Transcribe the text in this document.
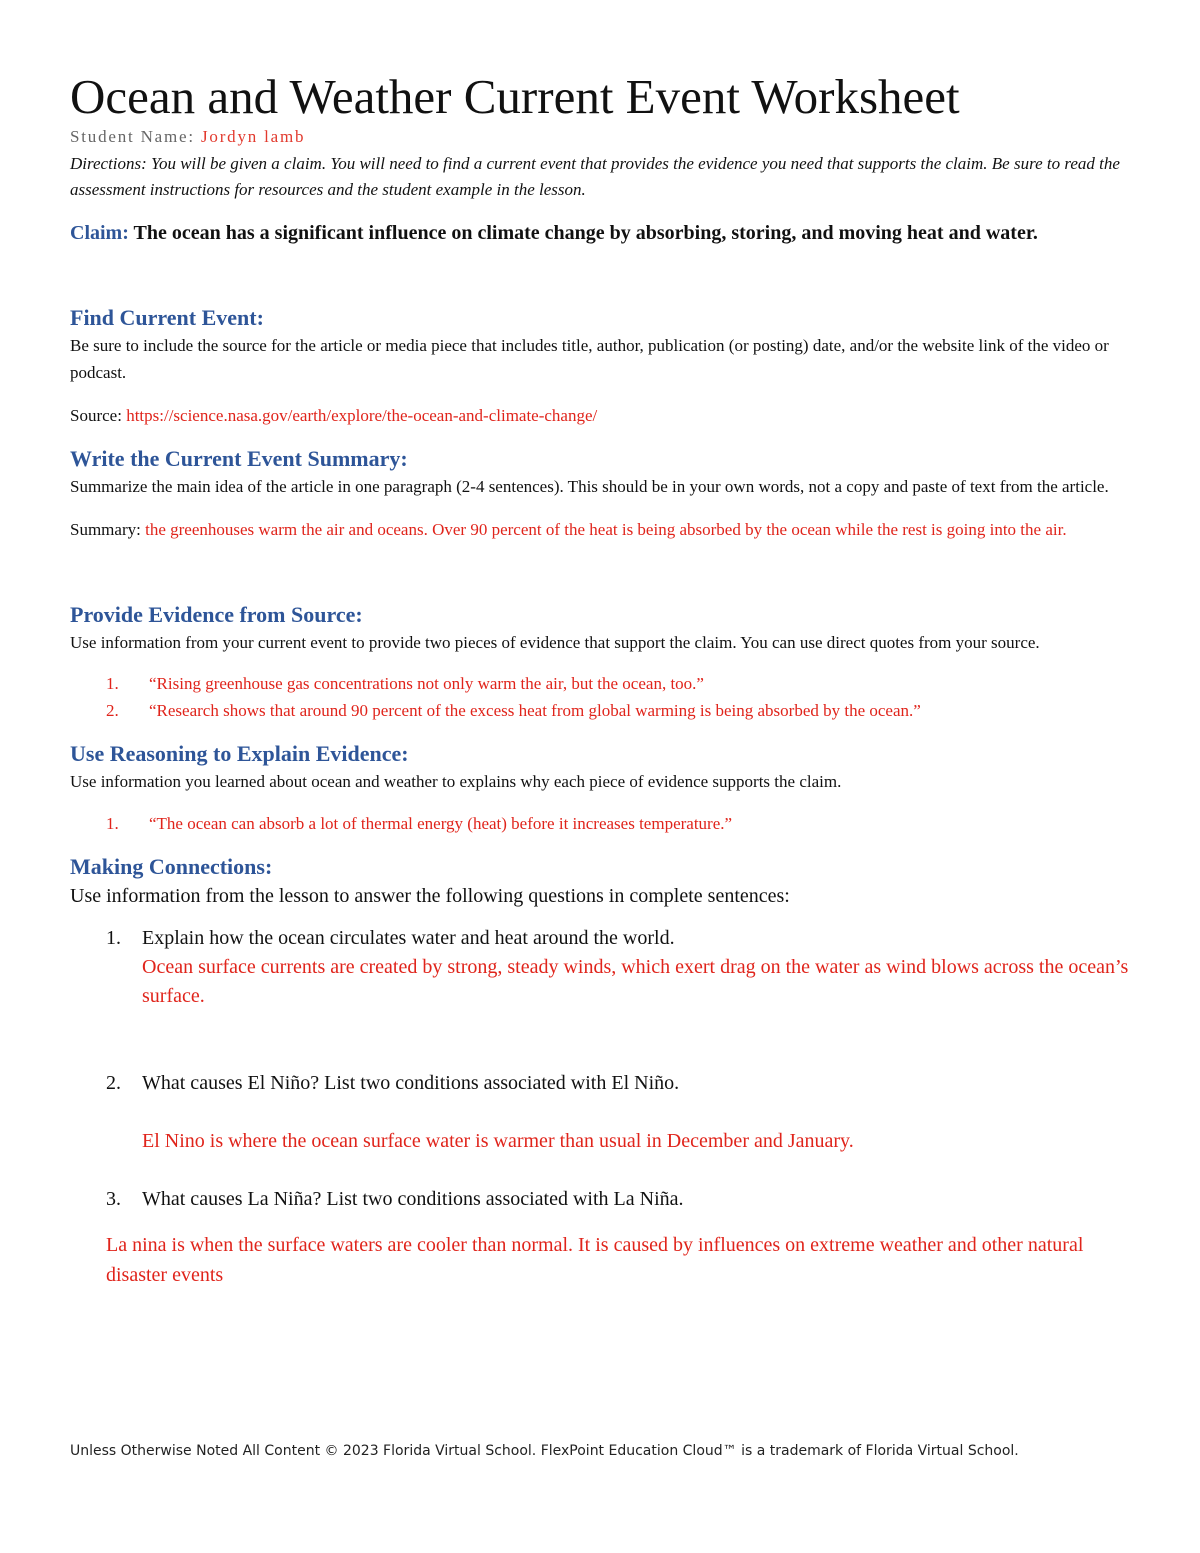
Ocean and Weather Current Event Worksheet

Student Name: Jordyn lamb

Directions: You will be given a claim. You will need to find a current event that provides the evidence you need that supports the claim. Be sure to read the assessment instructions for resources and the student example in the lesson.

Claim: The ocean has a significant influence on climate change by absorbing, storing, and moving heat and water.

Find Current Event:

Be sure to include the source for the article or media piece that includes title, author, publication (or posting) date, and/or the website link of the video or podcast.

Source: https://science.nasa.gov/earth/explore/the-ocean-and-climate-change/

Write the Current Event Summary:

Summarize the main idea of the article in one paragraph (2-4 sentences). This should be in your own words, not a copy and paste of text from the article.

Summary: the greenhouses warm the air and oceans. Over 90 percent of the heat is being absorbed by the ocean while the rest is going into the air.

Provide Evidence from Source:

Use information from your current event to provide two pieces of evidence that support the claim. You can use direct quotes from your source.

1.	“Rising greenhouse gas concentrations not only warm the air, but the ocean, too.”
2.	“Research shows that around 90 percent of the excess heat from global warming is being absorbed by the ocean.”
Use Reasoning to Explain Evidence:

Use information you learned about ocean and weather to explains why each piece of evidence supports the claim.

1.	“The ocean can absorb a lot of thermal energy (heat) before it increases temperature.”
Making Connections:

Use information from the lesson to answer the following questions in complete sentences:

1.	Explain how the ocean circulates water and heat around the world.
Ocean surface currents are created by strong, steady winds, which exert drag on the water as wind blows across the ocean’s surface.
2.	What causes El Niño? List two conditions associated with El Niño.
El Nino is where the ocean surface water is warmer than usual in December and January.
3.	What causes La Niña? List two conditions associated with La Niña.

La nina is when the surface waters are cooler than normal. It is caused by influences on extreme weather and other natural disaster events

Unless Otherwise Noted All Content © 2023 Florida Virtual School. FlexPoint Education Cloud™ is a trademark of Florida Virtual School.
